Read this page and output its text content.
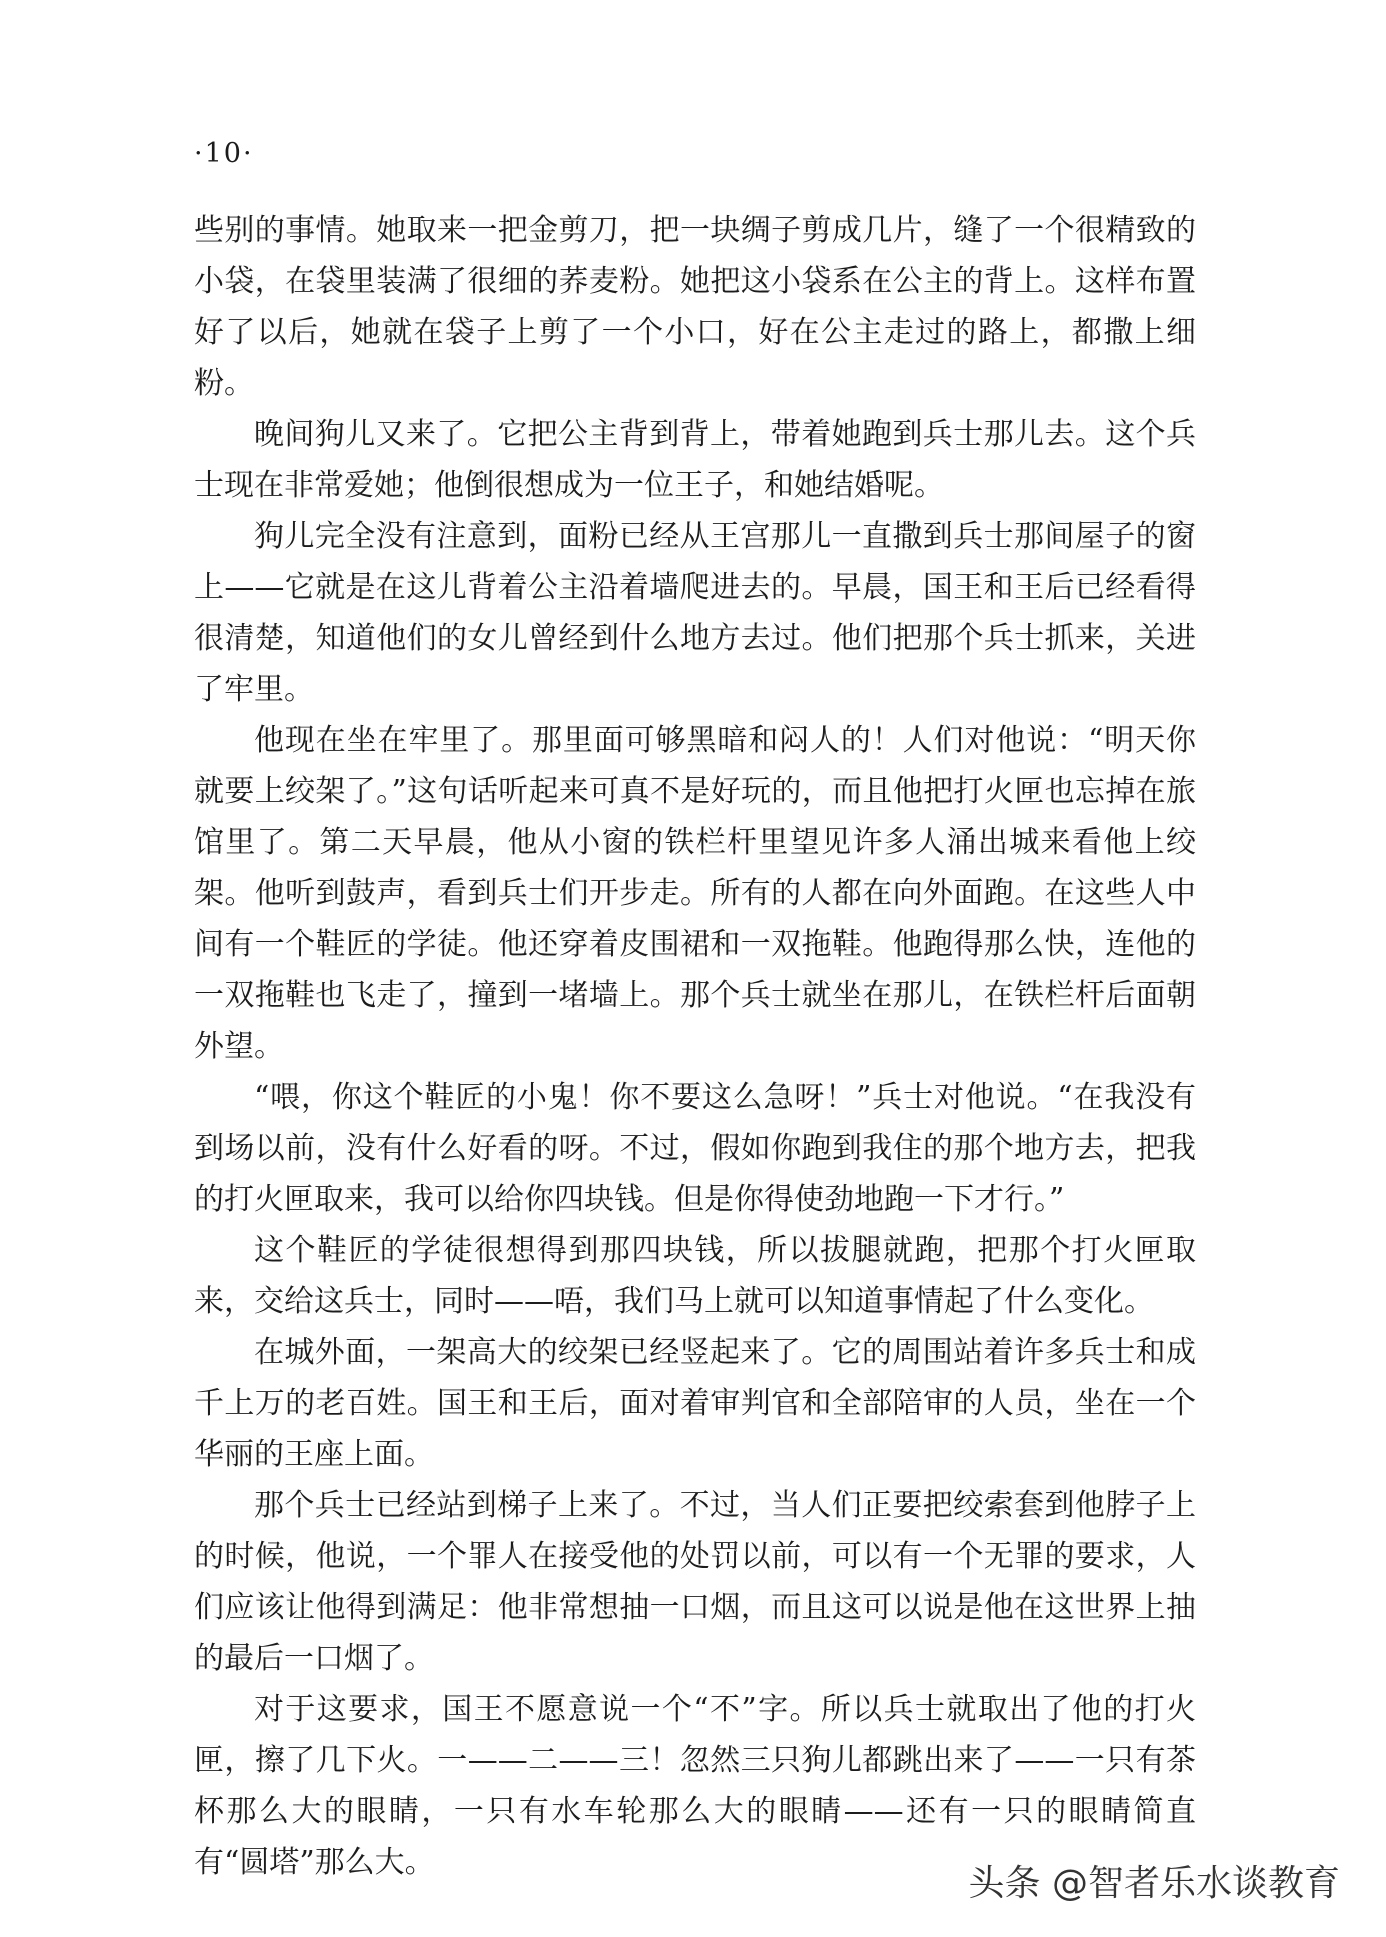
·10·

些别的事情。她取来一把金剪刀，把一块绸子剪成几片，缝了一个很精致的小袋，在袋里装满了很细的荞麦粉。她把这小袋系在公主的背上。这样布置好了以后，她就在袋子上剪了一个小口，好在公主走过的路上，都撒上细粉。

晚间狗儿又来了。它把公主背到背上，带着她跑到兵士那儿去。这个兵士现在非常爱她；他倒很想成为一位王子，和她结婚呢。

狗儿完全没有注意到，面粉已经从王宫那儿一直撒到兵士那间屋子的窗上——它就是在这儿背着公主沿着墙爬进去的。早晨，国王和王后已经看得很清楚，知道他们的女儿曾经到什么地方去过。他们把那个兵士抓来，关进了牢里。

他现在坐在牢里了。那里面可够黑暗和闷人的！人们对他说：“明天你就要上绞架了。”这句话听起来可真不是好玩的，而且他把打火匣也忘掉在旅馆里了。第二天早晨，他从小窗的铁栏杆里望见许多人涌出城来看他上绞架。他听到鼓声，看到兵士们开步走。所有的人都在向外面跑。在这些人中间有一个鞋匠的学徒。他还穿着皮围裙和一双拖鞋。他跑得那么快，连他的一双拖鞋也飞走了，撞到一堵墙上。那个兵士就坐在那儿，在铁栏杆后面朝外望。

“喂，你这个鞋匠的小鬼！你不要这么急呀！”兵士对他说。“在我没有到场以前，没有什么好看的呀。不过，假如你跑到我住的那个地方去，把我的打火匣取来，我可以给你四块钱。但是你得使劲地跑一下才行。”

这个鞋匠的学徒很想得到那四块钱，所以拔腿就跑，把那个打火匣取来，交给这兵士，同时——唔，我们马上就可以知道事情起了什么变化。

在城外面，一架高大的绞架已经竖起来了。它的周围站着许多兵士和成千上万的老百姓。国王和王后，面对着审判官和全部陪审的人员，坐在一个华丽的王座上面。

那个兵士已经站到梯子上来了。不过，当人们正要把绞索套到他脖子上的时候，他说，一个罪人在接受他的处罚以前，可以有一个无罪的要求，人们应该让他得到满足：他非常想抽一口烟，而且这可以说是他在这世界上抽的最后一口烟了。

对于这要求，国王不愿意说一个“不”字。所以兵士就取出了他的打火匣，擦了几下火。一——二——三！忽然三只狗儿都跳出来了——一只有茶杯那么大的眼睛，一只有水车轮那么大的眼睛——还有一只的眼睛简直有“圆塔”那么大。

头条 @智者乐水谈教育
